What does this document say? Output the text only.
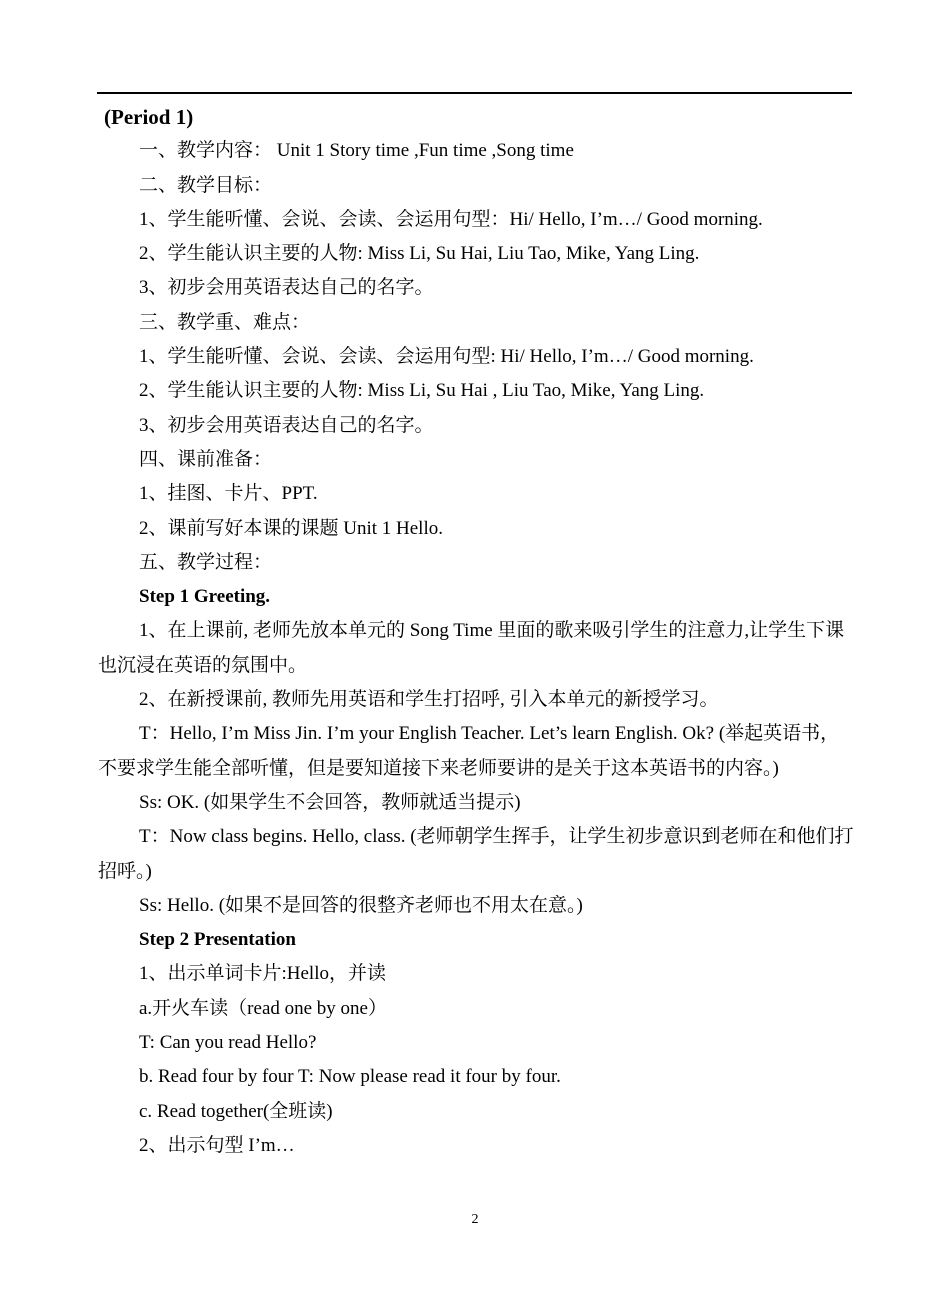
(Period 1)
一、教学内容： Unit 1 Story time ,Fun time ,Song time
二、教学目标：
1、学生能听懂、会说、会读、会运用句型：Hi/ Hello, I’m…/ Good morning.
2、学生能认识主要的人物: Miss Li, Su Hai, Liu Tao, Mike, Yang Ling.
3、初步会用英语表达自己的名字。
三、教学重、难点：
1、学生能听懂、会说、会读、会运用句型: Hi/ Hello, I’m…/ Good morning.
2、学生能认识主要的人物: Miss Li, Su Hai , Liu Tao, Mike, Yang Ling.
3、初步会用英语表达自己的名字。
四、课前准备：
1、挂图、卡片、PPT.
2、课前写好本课的课题 Unit 1 Hello.
五、教学过程：
Step 1 Greeting.
1、在上课前, 老师先放本单元的 Song Time 里面的歌来吸引学生的注意力,让学生下课也沉浸在英语的氛围中。
2、在新授课前, 教师先用英语和学生打招呼, 引入本单元的新授学习。
T：Hello, I’m Miss Jin. I’m your English Teacher. Let’s learn English. Ok? (举起英语书，不要求学生能全部听懂，但是要知道接下来老师要讲的是关于这本英语书的内容。)
Ss: OK. (如果学生不会回答，教师就适当提示)
T：Now class begins. Hello, class. (老师朝学生挥手，让学生初步意识到老师在和他们打招呼。)
Ss: Hello. (如果不是回答的很整齐老师也不用太在意。)
Step 2 Presentation
1、出示单词卡片:Hello，并读
a.开火车读（read one by one）
T: Can you read Hello?
b. Read four by four T: Now please read it four by four.
c. Read together(全班读)
2、出示句型 I’m…
2
